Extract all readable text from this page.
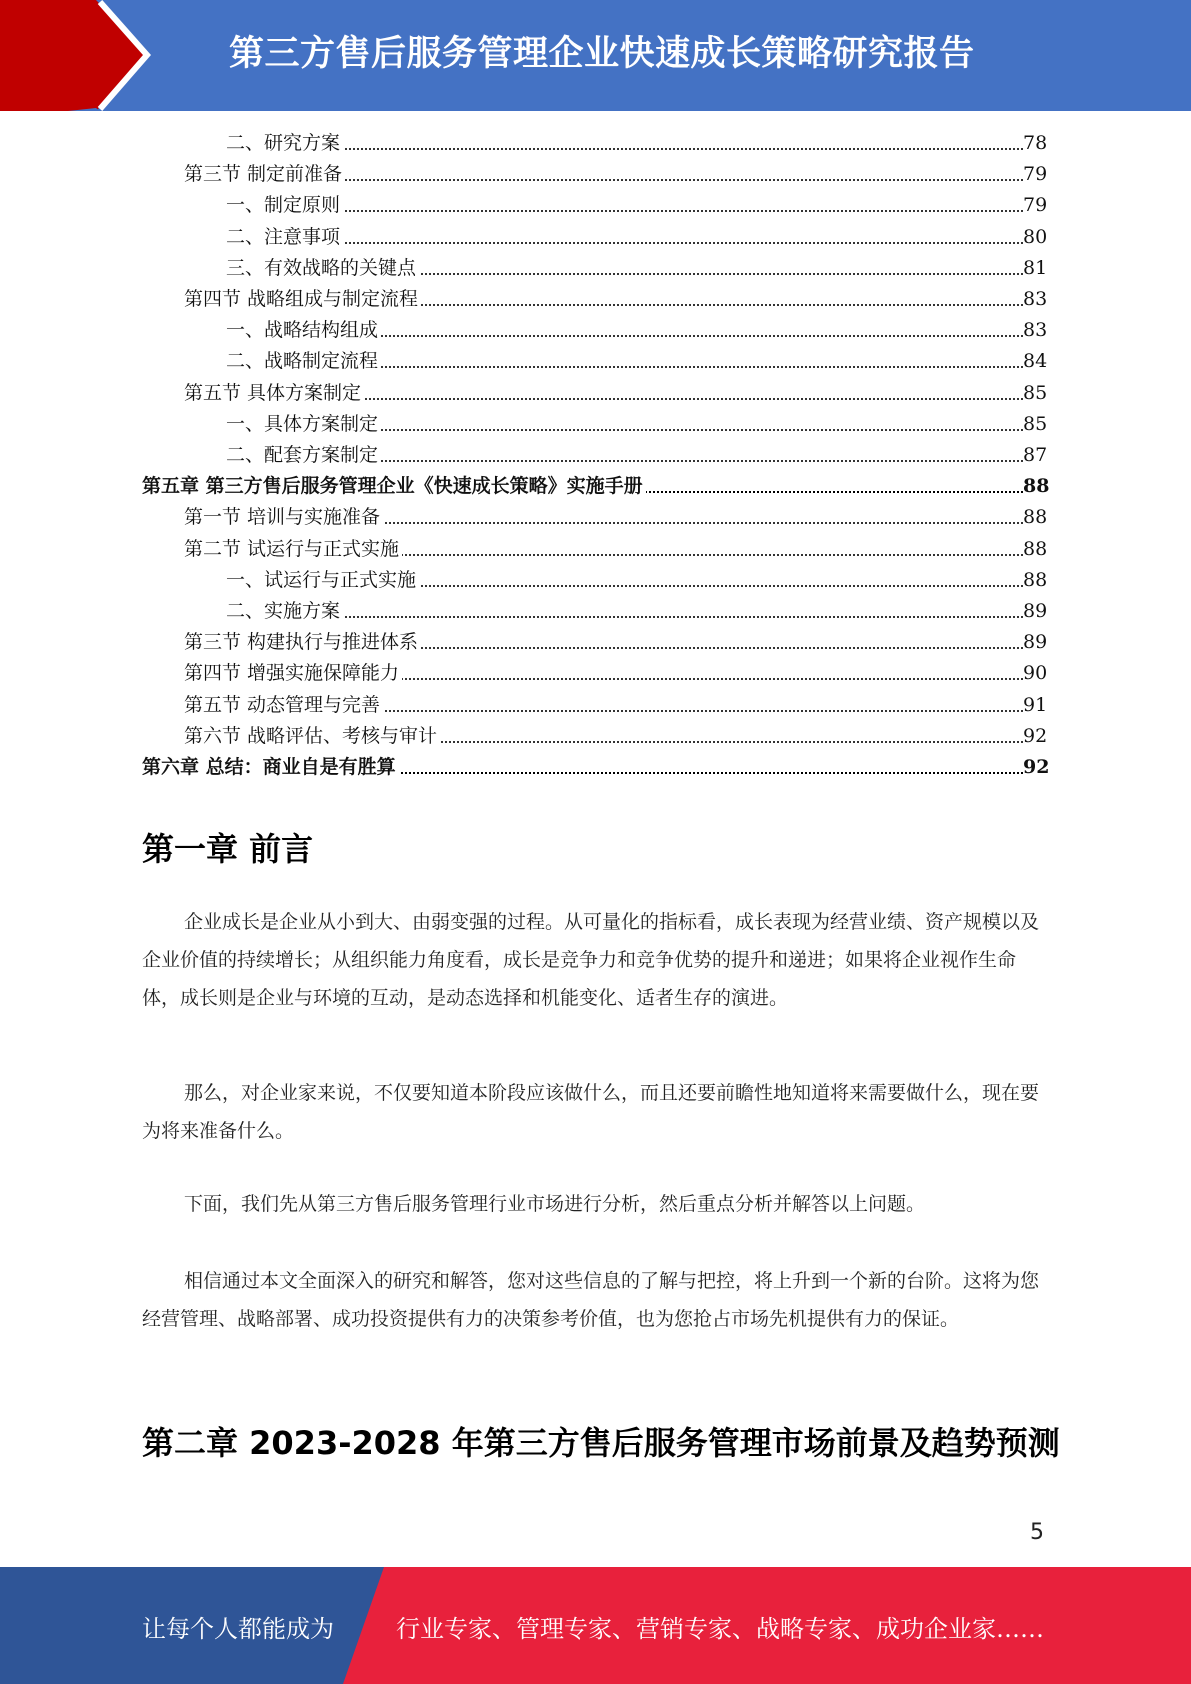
第三方售后服务管理企业快速成长策略研究报告
二、研究方案	78
第三节 制定前准备	79
一、制定原则	79
二、注意事项	80
三、有效战略的关键点	81
第四节 战略组成与制定流程	83
一、战略结构组成	83
二、战略制定流程	84
第五节 具体方案制定	85
一、具体方案制定	85
二、配套方案制定	87
第五章 第三方售后服务管理企业《快速成长策略》实施手册	88
第一节 培训与实施准备	88
第二节 试运行与正式实施	88
一、试运行与正式实施	88
二、实施方案	89
第三节 构建执行与推进体系	89
第四节 增强实施保障能力	90
第五节 动态管理与完善	91
第六节 战略评估、考核与审计	92
第六章 总结：商业自是有胜算	92
第一章 前言

企业成长是企业从小到大、由弱变强的过程。从可量化的指标看，成长表现为经营业绩、资产规模以及企业价值的持续增长；从组织能力角度看，成长是竞争力和竞争优势的提升和递进；如果将企业视作生命体，成长则是企业与环境的互动，是动态选择和机能变化、适者生存的演进。

那么，对企业家来说，不仅要知道本阶段应该做什么，而且还要前瞻性地知道将来需要做什么，现在要为将来准备什么。

下面，我们先从第三方售后服务管理行业市场进行分析，然后重点分析并解答以上问题。

相信通过本文全面深入的研究和解答，您对这些信息的了解与把控，将上升到一个新的台阶。这将为您经营管理、战略部署、成功投资提供有力的决策参考价值，也为您抢占市场先机提供有力的保证。

第二章 2023-2028 年第三方售后服务管理市场前景及趋势预测
5
让每个人都能成为	行业专家、管理专家、营销专家、战略专家、成功企业家……
